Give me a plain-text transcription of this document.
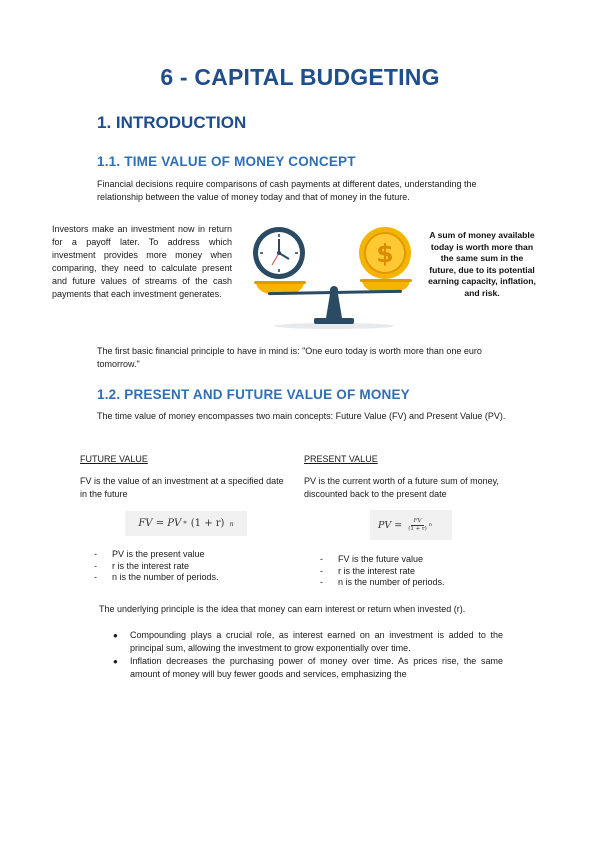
6 - CAPITAL BUDGETING
1. INTRODUCTION
1.1. TIME VALUE OF MONEY CONCEPT
Financial decisions require comparisons of cash payments at different dates, understanding the relationship between the value of money today and that of money in the future.
Investors make an investment now in return for a payoff later. To address which investment provides more money when comparing, they need to calculate present and future values of streams of the cash payments that each investment generates.
$
A sum of money available today is worth more than the same sum in the future, due to its potential earning capacity, inflation, and risk.
The first basic financial principle to have in mind is: "One euro today is worth more than one euro tomorrow."
1.2. PRESENT AND FUTURE VALUE OF MONEY
The time value of money encompasses two main concepts: Future Value (FV) and Present Value (PV).
FUTURE VALUE
FV is the value of an investment at a specified date in the future
FV
=
PV * (1 + r) n
- PV is the present value
- r is the interest rate
- n is the number of periods.
PRESENT VALUE
PV is the current worth of a future sum of money, discounted back to the present date
PV
= $\frac{FV}{(1 + r)}$ n
- FV is the future value
- r is the interest rate
- n is the number of periods.
The underlying principle is the idea that money can earn interest or return when invested (r).
● Compounding plays a crucial role, as interest earned on an investment is added to the principal sum, allowing the investment to grow exponentially over time.
● Inflation decreases the purchasing power of money over time. As prices rise, the same amount of money will buy fewer goods and services, emphasizing the
